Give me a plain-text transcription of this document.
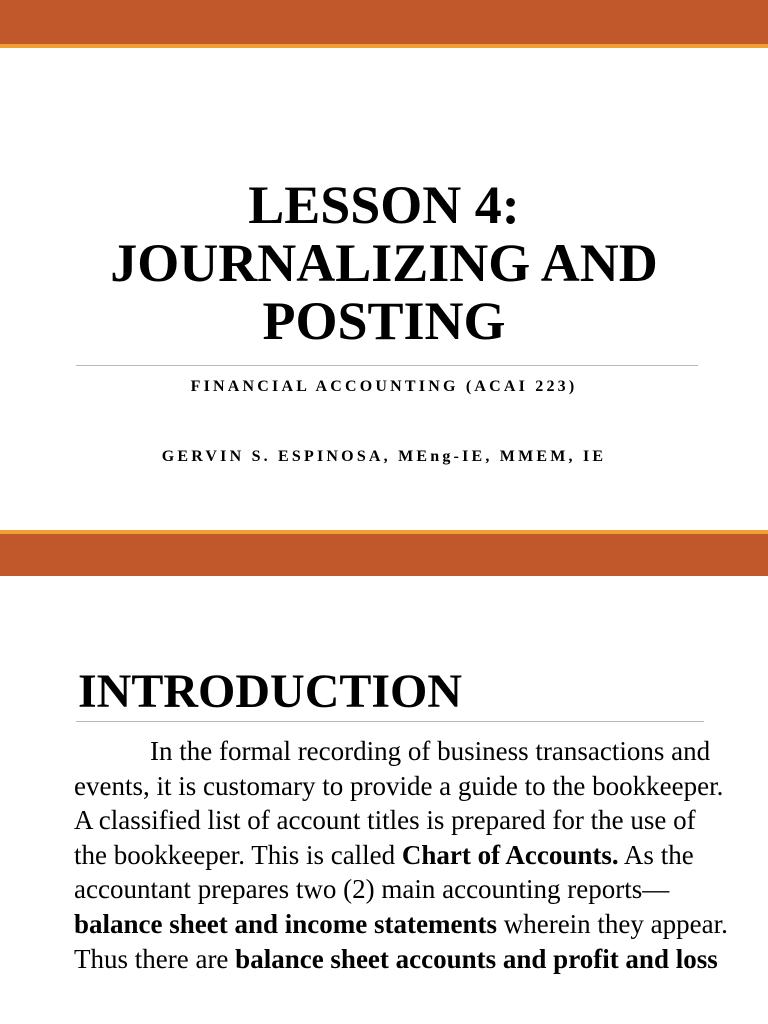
LESSON 4:
JOURNALIZING AND
POSTING
FINANCIAL ACCOUNTING (ACAI 223)
GERVIN S. ESPINOSA, MEng-IE, MMEM, IE
INTRODUCTION

In the formal recording of business transactions and events, it is customary to provide a guide to the bookkeeper. A classified list of account titles is prepared for the use of the bookkeeper. This is called Chart of Accounts. As the accountant prepares two (2) main accounting reports—balance sheet and income statements wherein they appear. Thus there are balance sheet accounts and profit and loss
